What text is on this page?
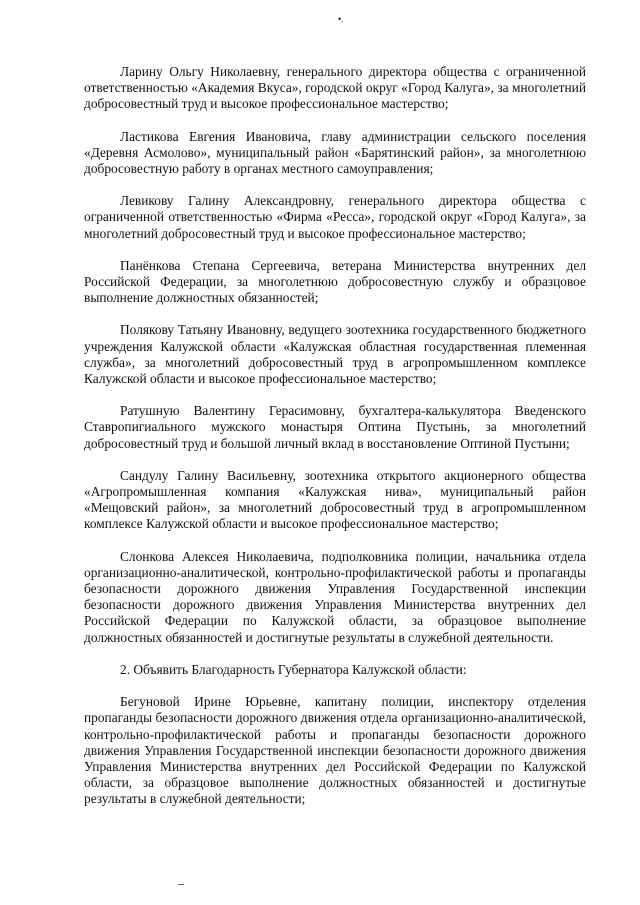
•.

Ларину Ольгу Николаевну, генерального директора общества с ограниченной ответственностью «Академия Вкуса», городской округ «Город Калуга», за многолетний добросовестный труд и высокое профессиональное мастерство;

Ластикова Евгения Ивановича, главу администрации сельского поселения «Деревня Асмолово», муниципальный район «Барятинский район», за многолетнюю добросовестную работу в органах местного самоуправления;

Левикову Галину Александровну, генерального директора общества с ограниченной ответственностью «Фирма «Ресса», городской округ «Город Калуга», за многолетний добросовестный труд и высокое профессиональное мастерство;

Панёнкова Степана Сергеевича, ветерана Министерства внутренних дел Российской Федерации, за многолетнюю добросовестную службу и образцовое выполнение должностных обязанностей;

Полякову Татьяну Ивановну, ведущего зоотехника государственного бюджетного учреждения Калужской области «Калужская областная государственная племенная служба», за многолетний добросовестный труд в агропромышленном комплексе Калужской области и высокое профессиональное мастерство;

Ратушную Валентину Герасимовну, бухгалтера-калькулятора Введенского Ставропигиального мужского монастыря Оптина Пустынь, за многолетний добросовестный труд и большой личный вклад в восстановление Оптиной Пустыни;

Сандулу Галину Васильевну, зоотехника открытого акционерного общества «Агропромышленная компания «Калужская нива», муниципальный район «Мещовский район», за многолетний добросовестный труд в агропромышленном комплексе Калужской области и высокое профессиональное мастерство;

Слонкова Алексея Николаевича, подполковника полиции, начальника отдела организационно-аналитической, контрольно-профилактической работы и пропаганды безопасности дорожного движения Управления Государственной инспекции безопасности дорожного движения Управления Министерства внутренних дел Российской Федерации по Калужской области, за образцовое выполнение должностных обязанностей и достигнутые результаты в служебной деятельности.

2. Объявить Благодарность Губернатора Калужской области:

Бегуновой Ирине Юрьевне, капитану полиции, инспектору отделения пропаганды безопасности дорожного движения отдела организационно-аналитической, контрольно-профилактической работы и пропаганды безопасности дорожного движения Управления Государственной инспекции безопасности дорожного движения Управления Министерства внутренних дел Российской Федерации по Калужской области, за образцовое выполнение должностных обязанностей и достигнутые результаты в служебной деятельности;
